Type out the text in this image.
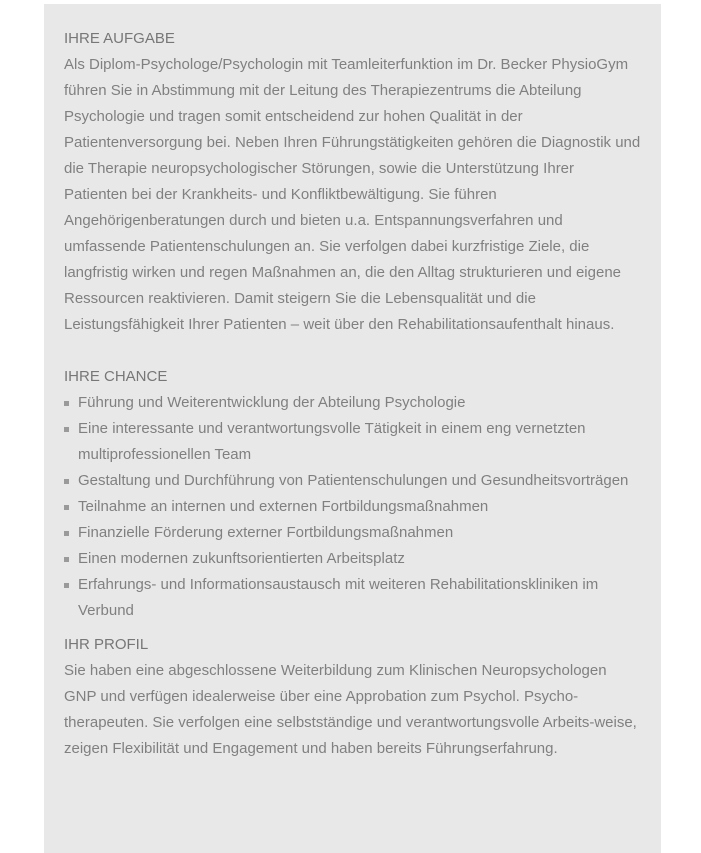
IHRE AUFGABE

Als Diplom-Psychologe/Psychologin mit Teamleiterfunktion im Dr. Becker PhysioGym führen Sie in Abstimmung mit der Leitung des Therapiezentrums die Abteilung Psychologie und tragen somit entscheidend zur hohen Qualität in der Patientenversorgung bei. Neben Ihren Führungstätigkeiten gehören die Diagnostik und die Therapie neuropsychologischer Störungen, sowie die Unterstützung Ihrer Patienten bei der Krankheits- und Konfliktbewältigung. Sie führen Angehörigenberatungen durch und bieten u.a. Entspannungsverfahren und umfassende Patientenschulungen an. Sie verfolgen dabei kurzfristige Ziele, die langfristig wirken und regen Maßnahmen an, die den Alltag strukturieren und eigene Ressourcen reaktivieren. Damit steigern Sie die Lebensqualität und die Leistungsfähigkeit Ihrer Patienten – weit über den Rehabilitationsaufenthalt hinaus.

IHRE CHANCE
Führung und Weiterentwicklung der Abteilung Psychologie
Eine interessante und verantwortungsvolle Tätigkeit in einem eng vernetzten multiprofessionellen Team
Gestaltung und Durchführung von Patientenschulungen und Gesundheitsvorträgen
Teilnahme an internen und externen Fortbildungsmaßnahmen
Finanzielle Förderung externer Fortbildungsmaßnahmen
Einen modernen zukunftsorientierten Arbeitsplatz
Erfahrungs- und Informationsaustausch mit weiteren Rehabilitationskliniken im Verbund
IHR PROFIL

Sie haben eine abgeschlossene Weiterbildung zum Klinischen Neuropsychologen GNP und verfügen idealerweise über eine Approbation zum Psychol. Psycho-therapeuten. Sie verfolgen eine selbstständige und verantwortungsvolle Arbeits-weise, zeigen Flexibilität und Engagement und haben bereits Führungserfahrung.
